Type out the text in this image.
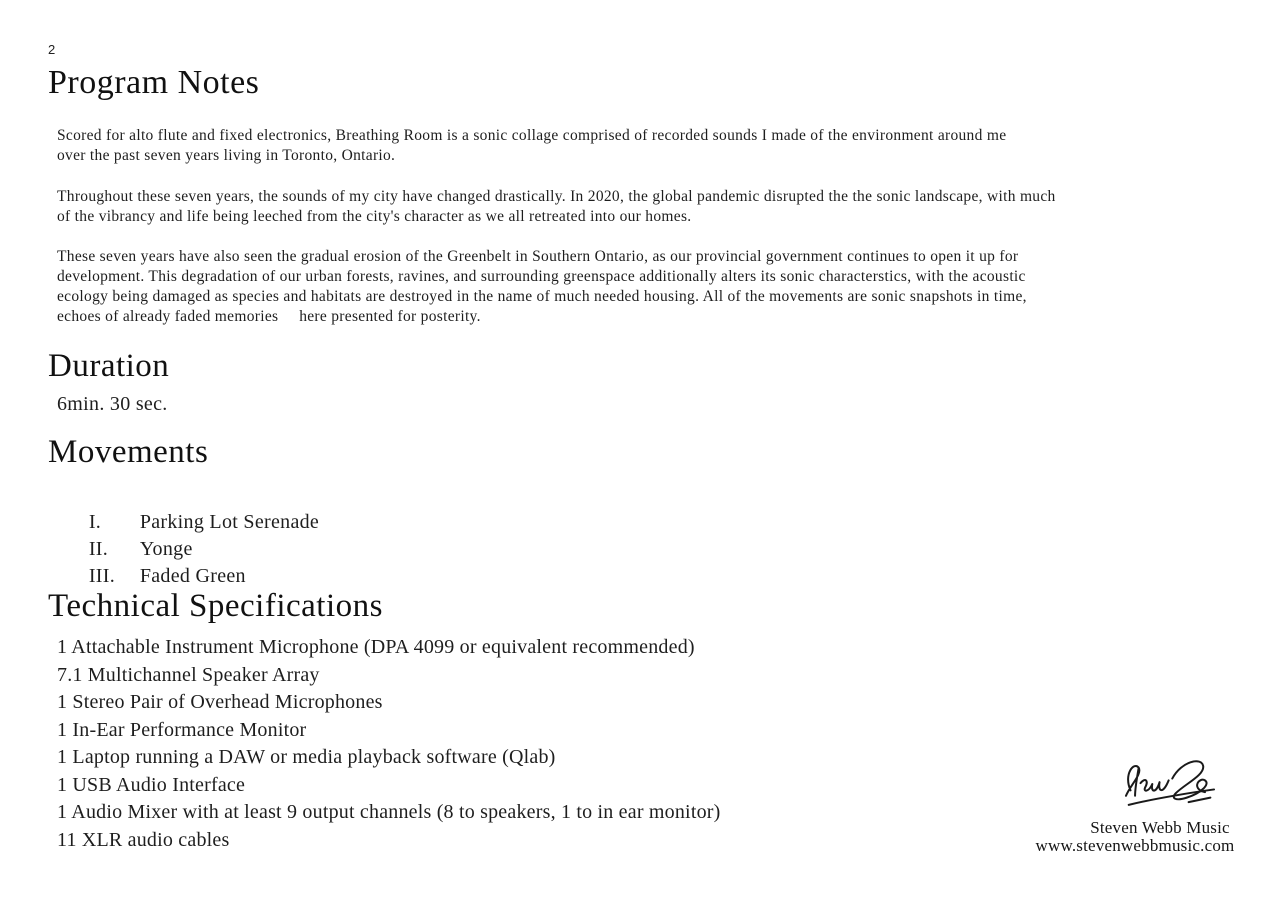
2
Program Notes
Scored for alto flute and fixed electronics, Breathing Room is a sonic collage comprised of recorded sounds I made of the environment around me
over the past seven years living in Toronto, Ontario.
Throughout these seven years, the sounds of my city have changed drastically. In 2020, the global pandemic disrupted the the sonic landscape, with much
of the vibrancy and life being leeched from the city's character as we all retreated into our homes.
These seven years have also seen the gradual erosion of the Greenbelt in Southern Ontario, as our provincial government continues to open it up for
development. This degradation of our urban forests, ravines, and surrounding greenspace additionally alters its sonic characterstics, with the acoustic
ecology being damaged as species and habitats are destroyed in the name of much needed housing. All of the movements are sonic snapshots in time,
echoes of already faded memories     here presented for posterity.
Duration
6min. 30 sec.
Movements

I. Parking Lot Serenade

II. Yonge

III. Faded Green

Technical Specifications
1 Attachable Instrument Microphone (DPA 4099 or equivalent recommended)
7.1 Multichannel Speaker Array
1 Stereo Pair of Overhead Microphones
1 In-Ear Performance Monitor
1 Laptop running a DAW or media playback software (Qlab)
1 USB Audio Interface
1 Audio Mixer with at least 9 output channels (8 to speakers, 1 to in ear monitor)
11 XLR audio cables
Steven Webb Music
www.stevenwebbmusic.com
